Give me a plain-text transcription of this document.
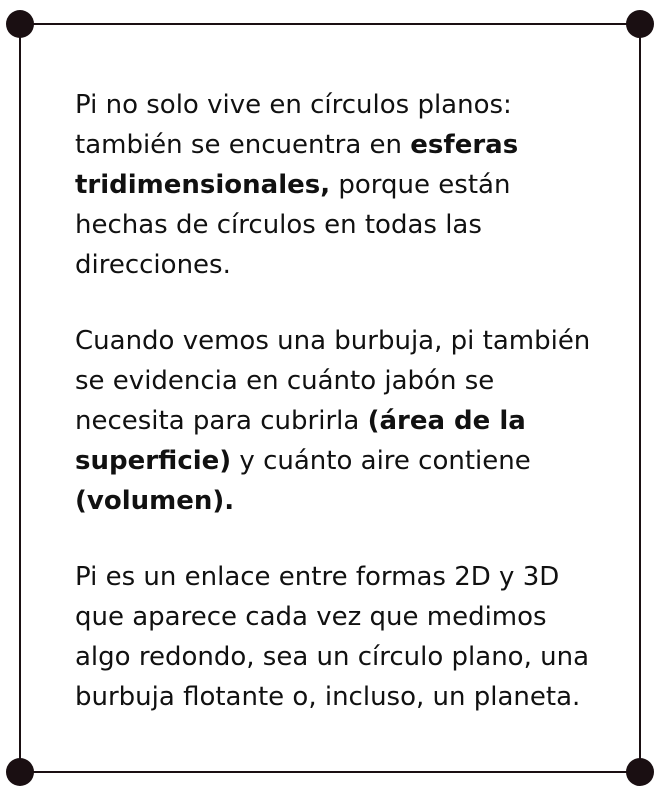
Pi no solo vive en círculos planos: también se encuentra en esferas tridimensionales, porque están hechas de círculos en todas las direcciones.

Cuando vemos una burbuja, pi también se evidencia en cuánto jabón se necesita para cubrirla (área de la superficie) y cuánto aire contiene (volumen).

Pi es un enlace entre formas 2D y 3D que aparece cada vez que medimos algo redondo, sea un círculo plano, una burbuja flotante o, incluso, un planeta.
